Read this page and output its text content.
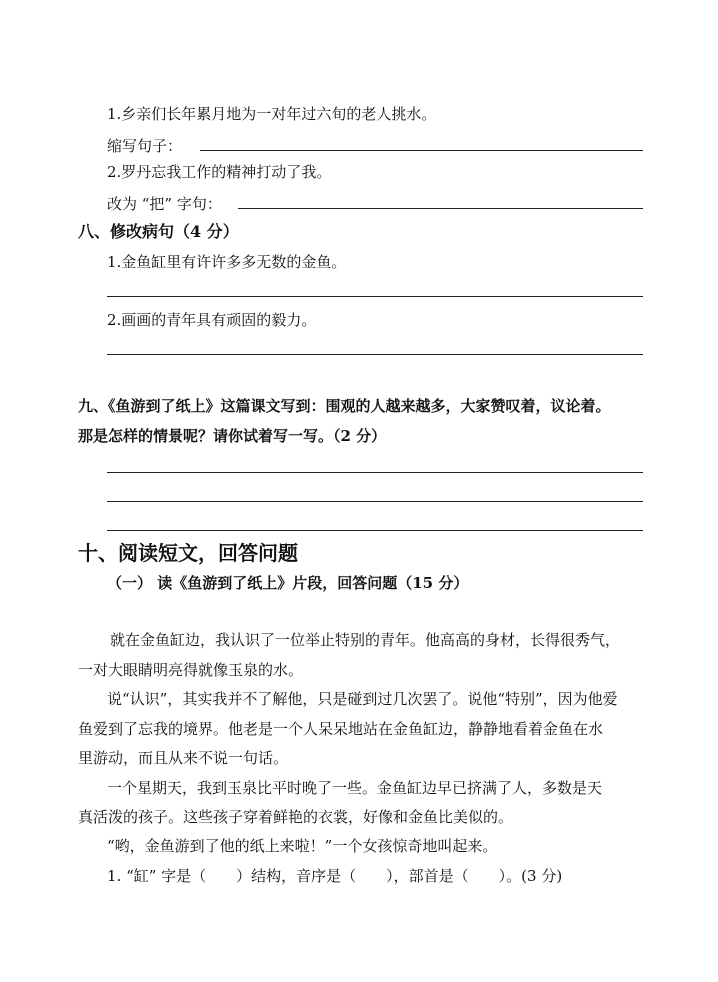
1.乡亲们长年累月地为一对年过六旬的老人挑水。
缩写句子：
2.罗丹忘我工作的精神打动了我。
改为 “把” 字句：
八、修改病句（4 分）
1.金鱼缸里有许许多多无数的金鱼。
2.画画的青年具有顽固的毅力。
九、《鱼游到了纸上》这篇课文写到：围观的人越来越多，大家赞叹着，议论着。
那是怎样的情景呢？请你试着写一写。（2 分）
十、阅读短文，回答问题
（一） 读《鱼游到了纸上》片段，回答问题（15 分）
就在金鱼缸边，我认识了一位举止特别的青年。他高高的身材，长得很秀气，
一对大眼睛明亮得就像玉泉的水。
说“认识”，其实我并不了解他，只是碰到过几次罢了。说他“特别”，因为他爱
鱼爱到了忘我的境界。他老是一个人呆呆地站在金鱼缸边，静静地看着金鱼在水
里游动，而且从来不说一句话。
一个星期天，我到玉泉比平时晚了一些。金鱼缸边早已挤满了人，多数是天
真活泼的孩子。这些孩子穿着鲜艳的衣裳，好像和金鱼比美似的。
“哟，金鱼游到了他的纸上来啦！”一个女孩惊奇地叫起来。
1. “缸” 字是（　　）结构，音序是（　　），部首是（　　）。(3 分)
